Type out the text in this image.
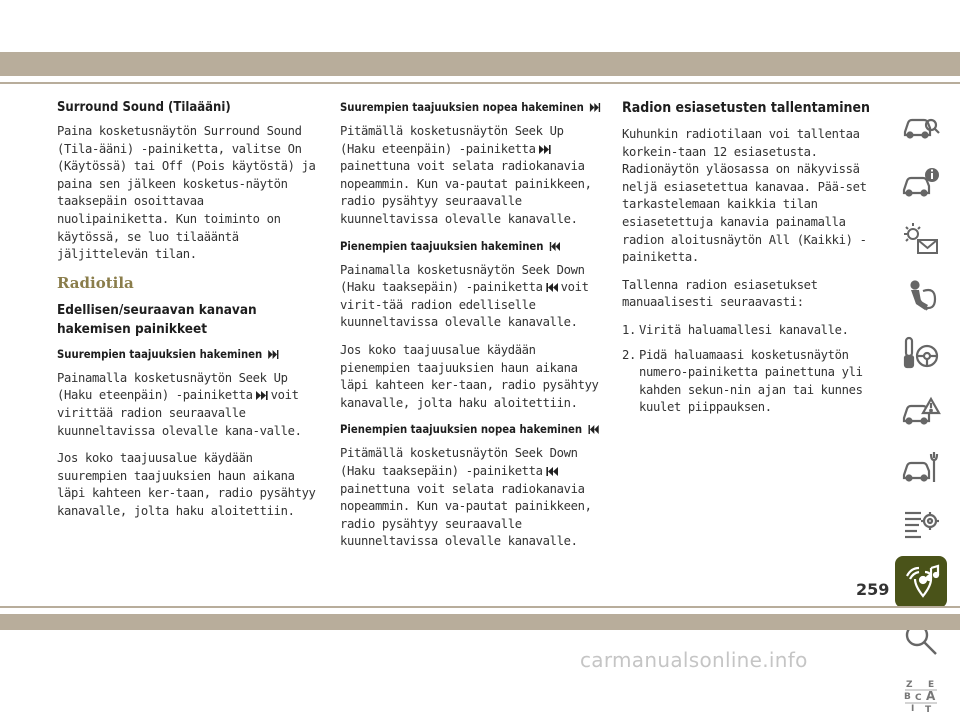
Surround Sound (Tilaääni)

Paina kosketusnäytön Surround Sound (Tila-ääni) -painiketta, valitse On (Käytössä) tai Off (Pois käytöstä) ja paina sen jälkeen kosketus-näytön taaksepäin osoittavaa nuolipainiketta. Kun toiminto on käytössä, se luo tilaääntä jäljittelevän tilan.

Radiotila
Edellisen/seuraavan kanavan hakemisen painikkeet
Suurempien taajuuksien hakeminen

Painamalla kosketusnäytön Seek Up (Haku eteenpäin) -painiketta voit virittää radion seuraavalle kuunneltavissa olevalle kana-valle.

Jos koko taajuusalue käydään suurempien taajuuksien haun aikana läpi kahteen ker-taan, radio pysähtyy kanavalle, jolta haku aloitettiin.

Suurempien taajuuksien nopea hakeminen

Pitämällä kosketusnäytön Seek Up (Haku eteenpäin) -painikettapainettuna voit selata radiokanavia nopeammin. Kun va-pautat painikkeen, radio pysähtyy seuraavalle kuunneltavissa olevalle kanavalle.

Pienempien taajuuksien hakeminen

Painamalla kosketusnäytön Seek Down (Haku taaksepäin) -painiketta voit virit-tää radion edelliselle kuunneltavissa olevalle kanavalle.

Jos koko taajuusalue käydään pienempien taajuuksien haun aikana läpi kahteen ker-taan, radio pysähtyy kanavalle, jolta haku aloitettiin.

Pienempien taajuuksien nopea hakeminen

Pitämällä kosketusnäytön Seek Down (Haku taaksepäin) -painikettapainettuna voit selata radiokanavia nopeammin. Kun va-pautat painikkeen, radio pysähtyy seuraavalle kuunneltavissa olevalle kanavalle.

Radion esiasetusten tallentaminen

Kuhunkin radiotilaan voi tallentaa korkein-taan 12 esiasetusta. Radionäytön yläosassa on näkyvissä neljä esiasetettua kanavaa. Pää-set tarkastelemaan kaikkia tilan esiasetettuja kanavia painamalla radion aloitusnäytön All (Kaikki) -painiketta.

Tallenna radion esiasetukset manuaalisesti seuraavasti:

1. Viritä haluamallesi kanavalle.
2. Pidä haluamaasi kosketusnäytön numero-painiketta painettuna yli kahden sekun-nin ajan tai kunnes kuulet piippauksen.
Z E
B A
C
I T
259
carmanualsonline.info
